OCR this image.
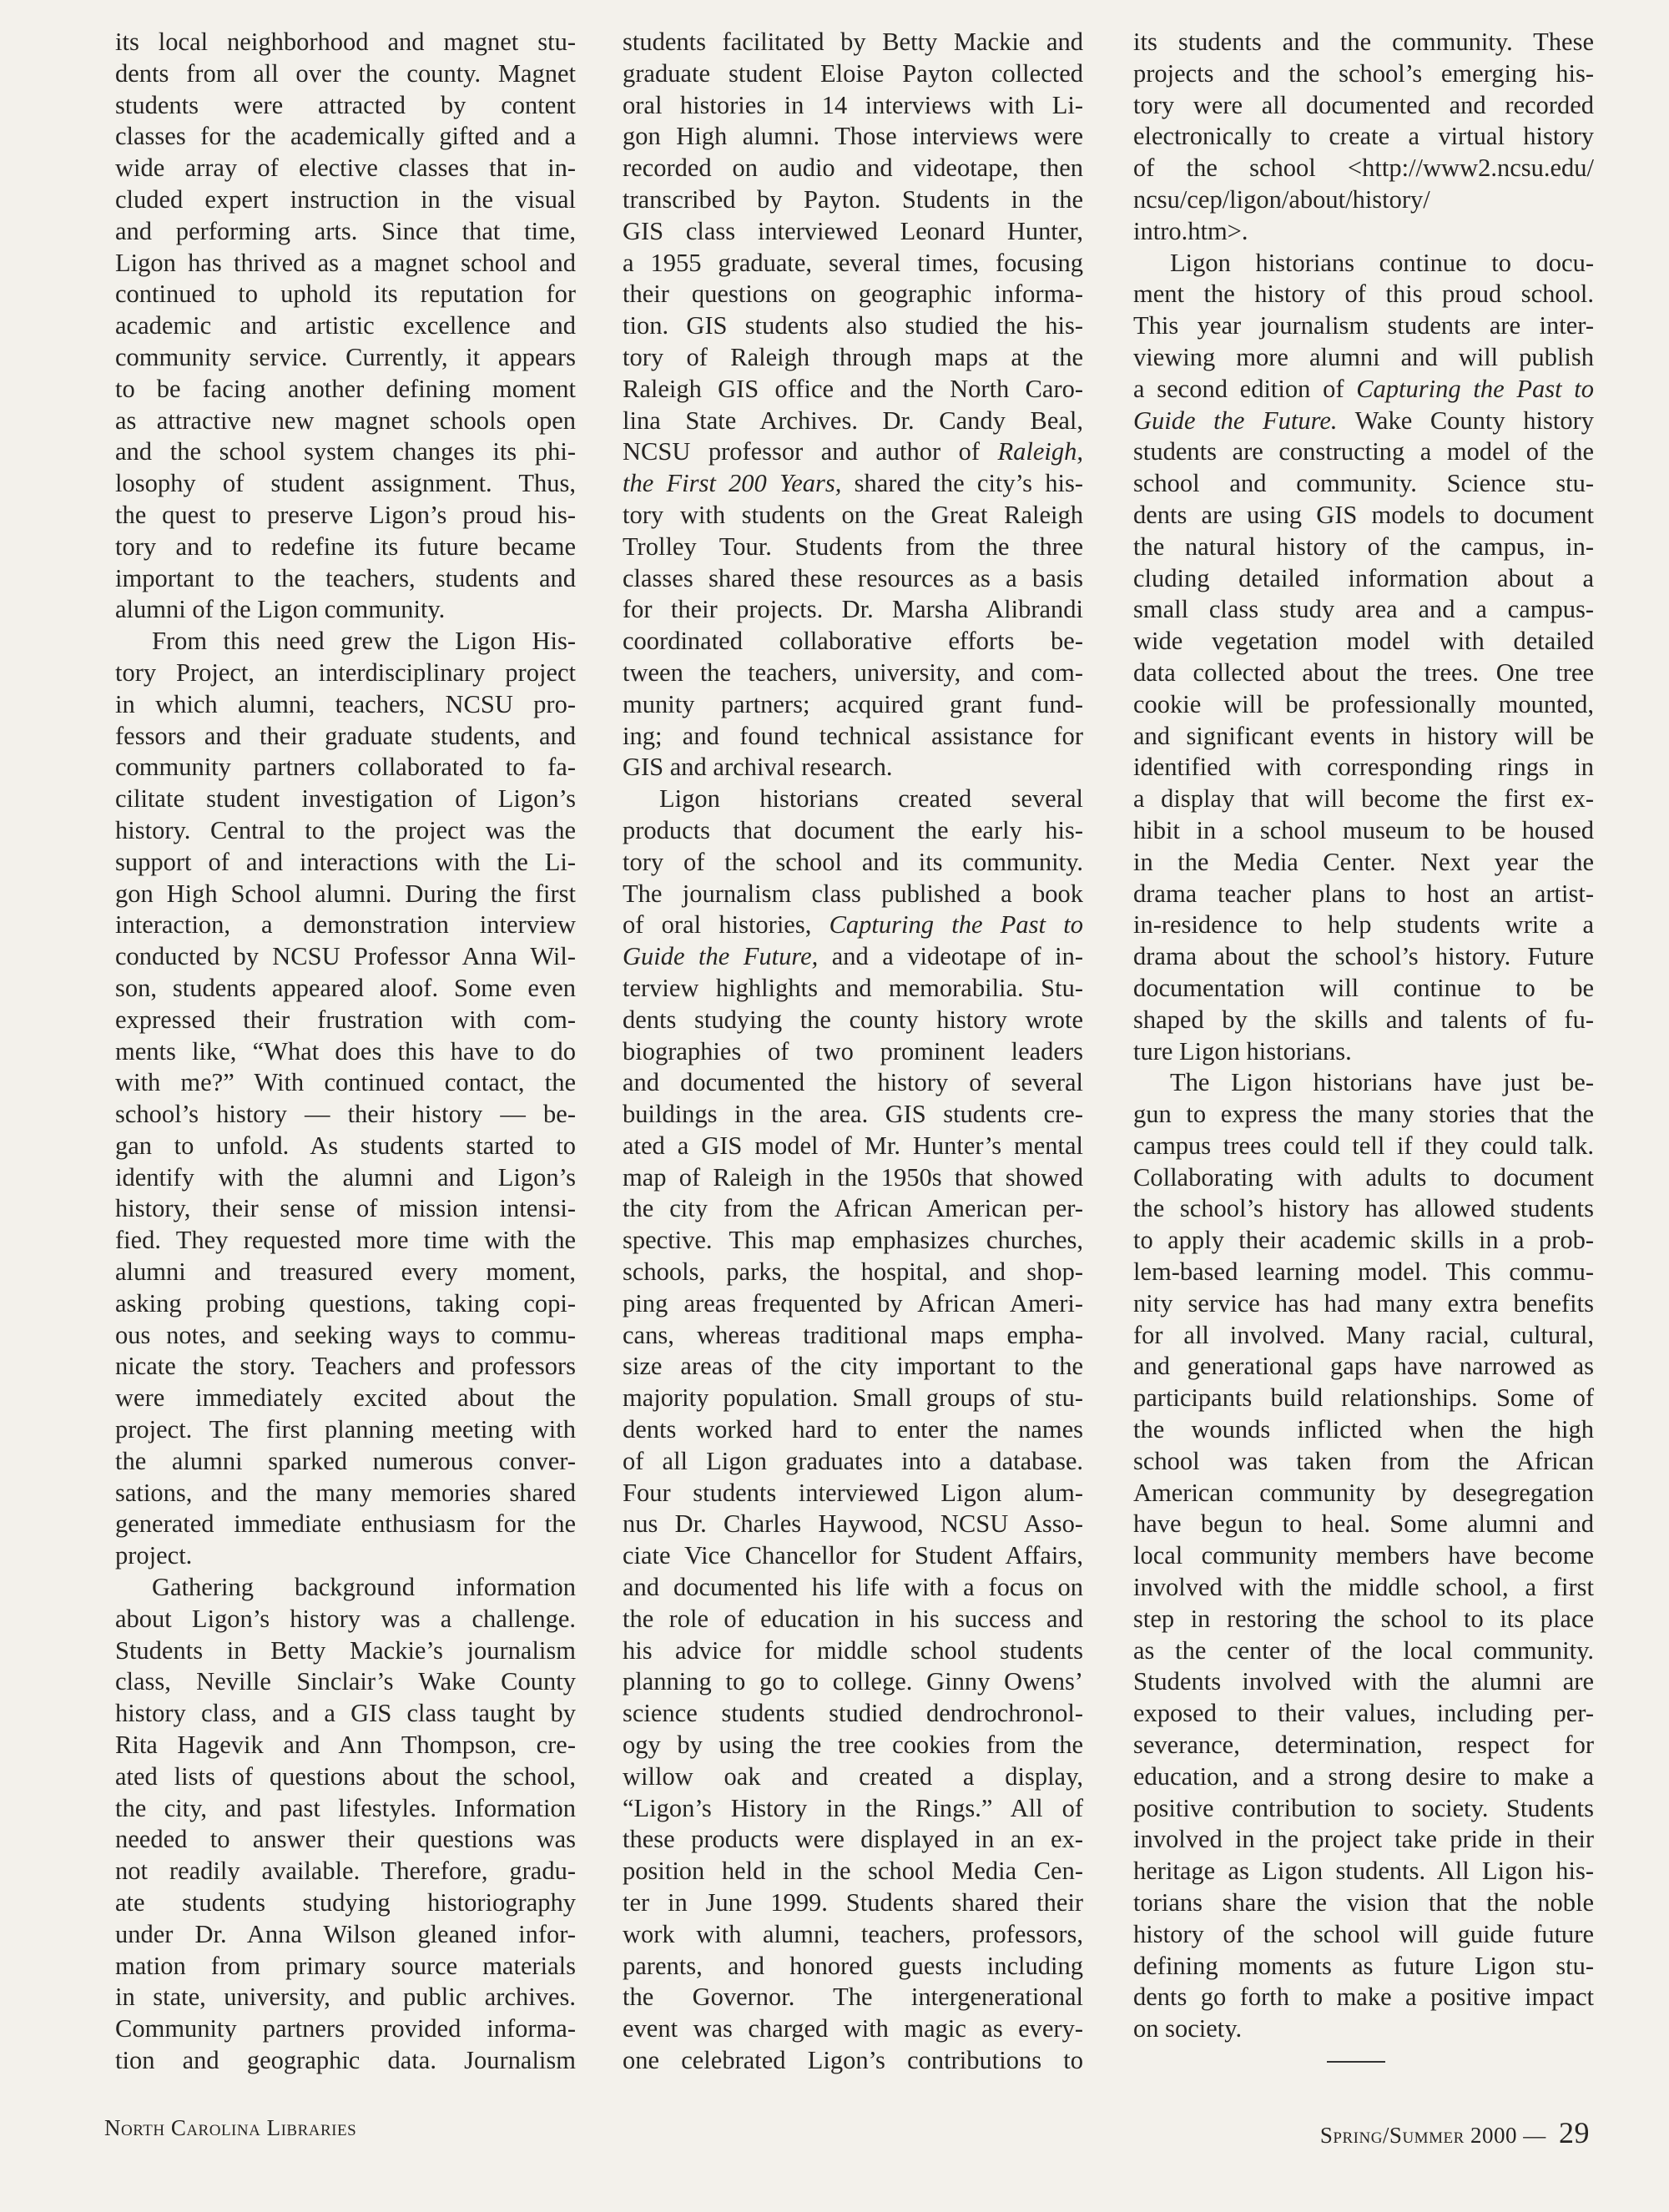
its local neighborhood and magnet stu-
dents from all over the county. Magnet
students were attracted by content
classes for the academically gifted and a
wide array of elective classes that in-
cluded expert instruction in the visual
and performing arts. Since that time,
Ligon has thrived as a magnet school and
continued to uphold its reputation for
academic and artistic excellence and
community service. Currently, it appears
to be facing another defining moment
as attractive new magnet schools open
and the school system changes its phi-
losophy of student assignment. Thus,
the quest to preserve Ligon’s proud his-
tory and to redefine its future became
important to the teachers, students and
alumni of the Ligon community.
From this need grew the Ligon His-
tory Project, an interdisciplinary project
in which alumni, teachers, NCSU pro-
fessors and their graduate students, and
community partners collaborated to fa-
cilitate student investigation of Ligon’s
history. Central to the project was the
support of and interactions with the Li-
gon High School alumni. During the first
interaction, a demonstration interview
conducted by NCSU Professor Anna Wil-
son, students appeared aloof. Some even
expressed their frustration with com-
ments like, “What does this have to do
with me?” With continued contact, the
school’s history — their history — be-
gan to unfold. As students started to
identify with the alumni and Ligon’s
history, their sense of mission intensi-
fied. They requested more time with the
alumni and treasured every moment,
asking probing questions, taking copi-
ous notes, and seeking ways to commu-
nicate the story. Teachers and professors
were immediately excited about the
project. The first planning meeting with
the alumni sparked numerous conver-
sations, and the many memories shared
generated immediate enthusiasm for the
project.
Gathering background information
about Ligon’s history was a challenge.
Students in Betty Mackie’s journalism
class, Neville Sinclair’s Wake County
history class, and a GIS class taught by
Rita Hagevik and Ann Thompson, cre-
ated lists of questions about the school,
the city, and past lifestyles. Information
needed to answer their questions was
not readily available. Therefore, gradu-
ate students studying historiography
under Dr. Anna Wilson gleaned infor-
mation from primary source materials
in state, university, and public archives.
Community partners provided informa-
tion and geographic data. Journalism
students facilitated by Betty Mackie and
graduate student Eloise Payton collected
oral histories in 14 interviews with Li-
gon High alumni. Those interviews were
recorded on audio and videotape, then
transcribed by Payton. Students in the
GIS class interviewed Leonard Hunter,
a 1955 graduate, several times, focusing
their questions on geographic informa-
tion. GIS students also studied the his-
tory of Raleigh through maps at the
Raleigh GIS office and the North Caro-
lina State Archives. Dr. Candy Beal,
NCSU professor and author of Raleigh,
the First 200 Years, shared the city’s his-
tory with students on the Great Raleigh
Trolley Tour. Students from the three
classes shared these resources as a basis
for their projects. Dr. Marsha Alibrandi
coordinated collaborative efforts be-
tween the teachers, university, and com-
munity partners; acquired grant fund-
ing; and found technical assistance for
GIS and archival research.
Ligon historians created several
products that document the early his-
tory of the school and its community.
The journalism class published a book
of oral histories, Capturing the Past to
Guide the Future, and a videotape of in-
terview highlights and memorabilia. Stu-
dents studying the county history wrote
biographies of two prominent leaders
and documented the history of several
buildings in the area. GIS students cre-
ated a GIS model of Mr. Hunter’s mental
map of Raleigh in the 1950s that showed
the city from the African American per-
spective. This map emphasizes churches,
schools, parks, the hospital, and shop-
ping areas frequented by African Ameri-
cans, whereas traditional maps empha-
size areas of the city important to the
majority population. Small groups of stu-
dents worked hard to enter the names
of all Ligon graduates into a database.
Four students interviewed Ligon alum-
nus Dr. Charles Haywood, NCSU Asso-
ciate Vice Chancellor for Student Affairs,
and documented his life with a focus on
the role of education in his success and
his advice for middle school students
planning to go to college. Ginny Owens’
science students studied dendrochronol-
ogy by using the tree cookies from the
willow oak and created a display,
“Ligon’s History in the Rings.” All of
these products were displayed in an ex-
position held in the school Media Cen-
ter in June 1999. Students shared their
work with alumni, teachers, professors,
parents, and honored guests including
the Governor. The intergenerational
event was charged with magic as every-
one celebrated Ligon’s contributions to
its students and the community. These
projects and the school’s emerging his-
tory were all documented and recorded
electronically to create a virtual history
of the school <http://www2.ncsu.edu/
ncsu/cep/ligon/about/history/
intro.htm>.
Ligon historians continue to docu-
ment the history of this proud school.
This year journalism students are inter-
viewing more alumni and will publish
a second edition of Capturing the Past to
Guide the Future. Wake County history
students are constructing a model of the
school and community. Science stu-
dents are using GIS models to document
the natural history of the campus, in-
cluding detailed information about a
small class study area and a campus-
wide vegetation model with detailed
data collected about the trees. One tree
cookie will be professionally mounted,
and significant events in history will be
identified with corresponding rings in
a display that will become the first ex-
hibit in a school museum to be housed
in the Media Center. Next year the
drama teacher plans to host an artist-
in-residence to help students write a
drama about the school’s history. Future
documentation will continue to be
shaped by the skills and talents of fu-
ture Ligon historians.
The Ligon historians have just be-
gun to express the many stories that the
campus trees could tell if they could talk.
Collaborating with adults to document
the school’s history has allowed students
to apply their academic skills in a prob-
lem-based learning model. This commu-
nity service has had many extra benefits
for all involved. Many racial, cultural,
and generational gaps have narrowed as
participants build relationships. Some of
the wounds inflicted when the high
school was taken from the African
American community by desegregation
have begun to heal. Some alumni and
local community members have become
involved with the middle school, a first
step in restoring the school to its place
as the center of the local community.
Students involved with the alumni are
exposed to their values, including per-
severance, determination, respect for
education, and a strong desire to make a
positive contribution to society. Students
involved in the project take pride in their
heritage as Ligon students. All Ligon his-
torians share the vision that the noble
history of the school will guide future
defining moments as future Ligon stu-
dents go forth to make a positive impact
on society.
North Carolina Libraries	Spring/Summer 2000 — 29
